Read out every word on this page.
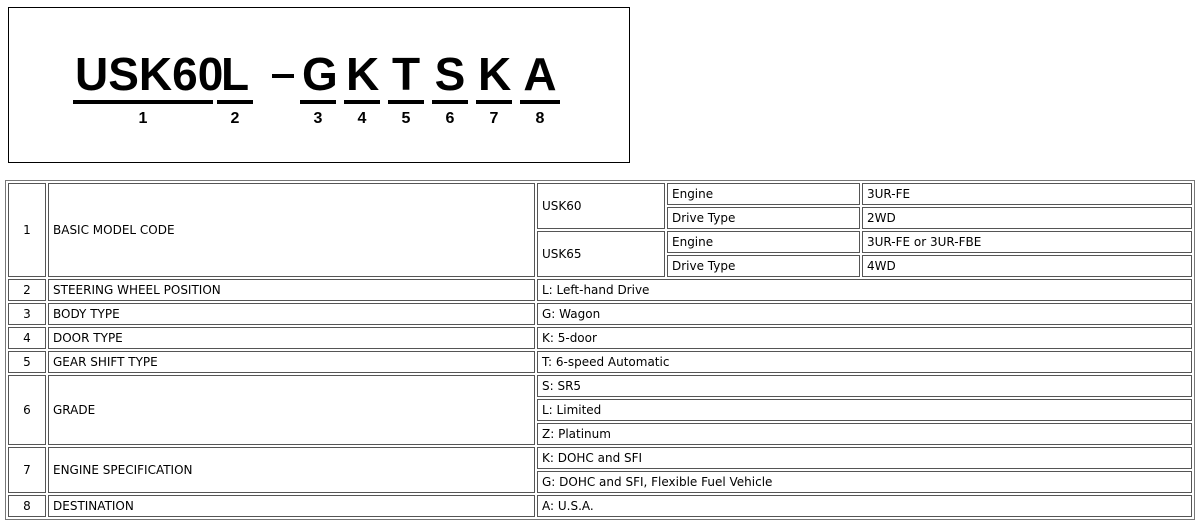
USK60
1
L
2
G
3
K
4
T
5
S
6
K
7
A
8
1	BASIC MODEL CODE	USK60	Engine	3UR-FE
			Drive Type	2WD
		USK65	Engine	3UR-FE or 3UR-FBE
			Drive Type	4WD
2	STEERING WHEEL POSITION	L: Left-hand Drive		
3	BODY TYPE	G: Wagon		
4	DOOR TYPE	K: 5-door		
5	GEAR SHIFT TYPE	T: 6-speed Automatic		
6	GRADE	S: SR5		
		L: Limited		
		Z: Platinum		
7	ENGINE SPECIFICATION	K: DOHC and SFI		
		G: DOHC and SFI, Flexible Fuel Vehicle		
8	DESTINATION	A: U.S.A.		
